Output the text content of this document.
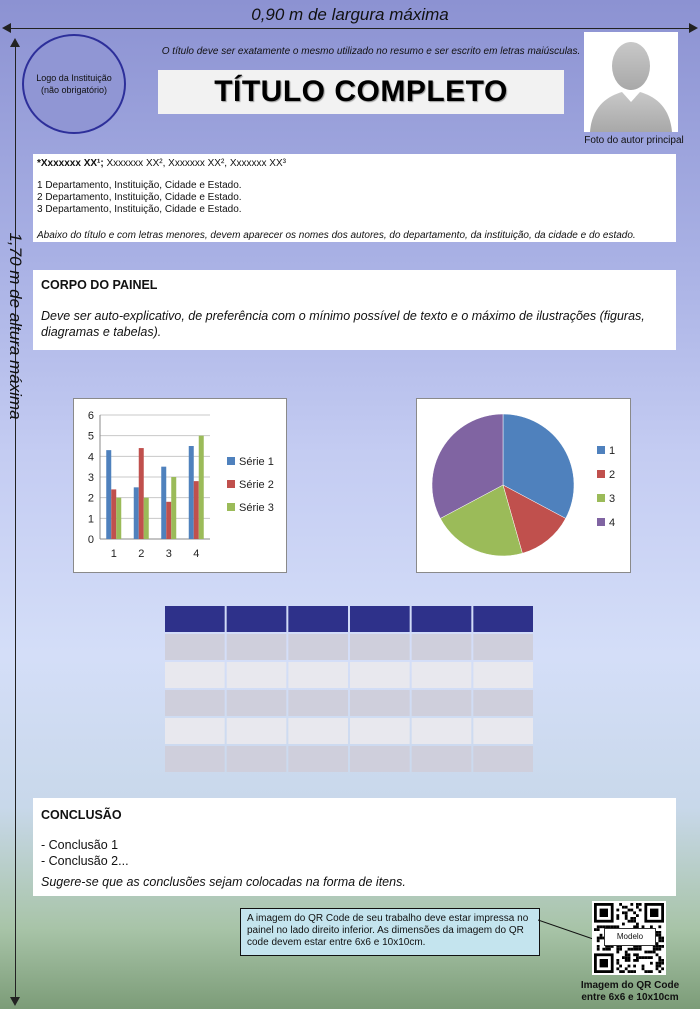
0,90 m de largura máxima
1,70 m de altura máxima
Logo da Instituição
(não obrigatório)
O título deve ser exatamente o mesmo utilizado no resumo e ser escrito em letras maiúsculas.
TÍTULO COMPLETO
Foto do autor principal
*Xxxxxxx XX¹; Xxxxxxx XX², Xxxxxxx XX², Xxxxxxx XX³
1 Departamento, Instituição, Cidade e Estado.
2 Departamento, Instituição, Cidade e Estado.
3 Departamento, Instituição, Cidade e Estado.
Abaixo do título e com letras menores, devem aparecer os nomes dos autores, do departamento, da instituição, da cidade e do estado.
CORPO DO PAINEL
Deve ser auto-explicativo, de preferência com o mínimo possível de texto e o máximo de ilustrações (figuras, diagramas e tabelas).
0
1
2
3
4
5
6
1 2 3 4
Série 1
Série 2
Série 3
1
2
3
4
CONCLUSÃO
- Conclusão 1
- Conclusão 2...
Sugere-se que as conclusões sejam colocadas na forma de itens.
A imagem do QR Code de seu trabalho deve estar impressa no painel no lado direito inferior. As dimensões da imagem do QR code devem estar entre 6x6 e 10x10cm.
Modelo
Imagem do QR Code
entre 6x6 e 10x10cm
